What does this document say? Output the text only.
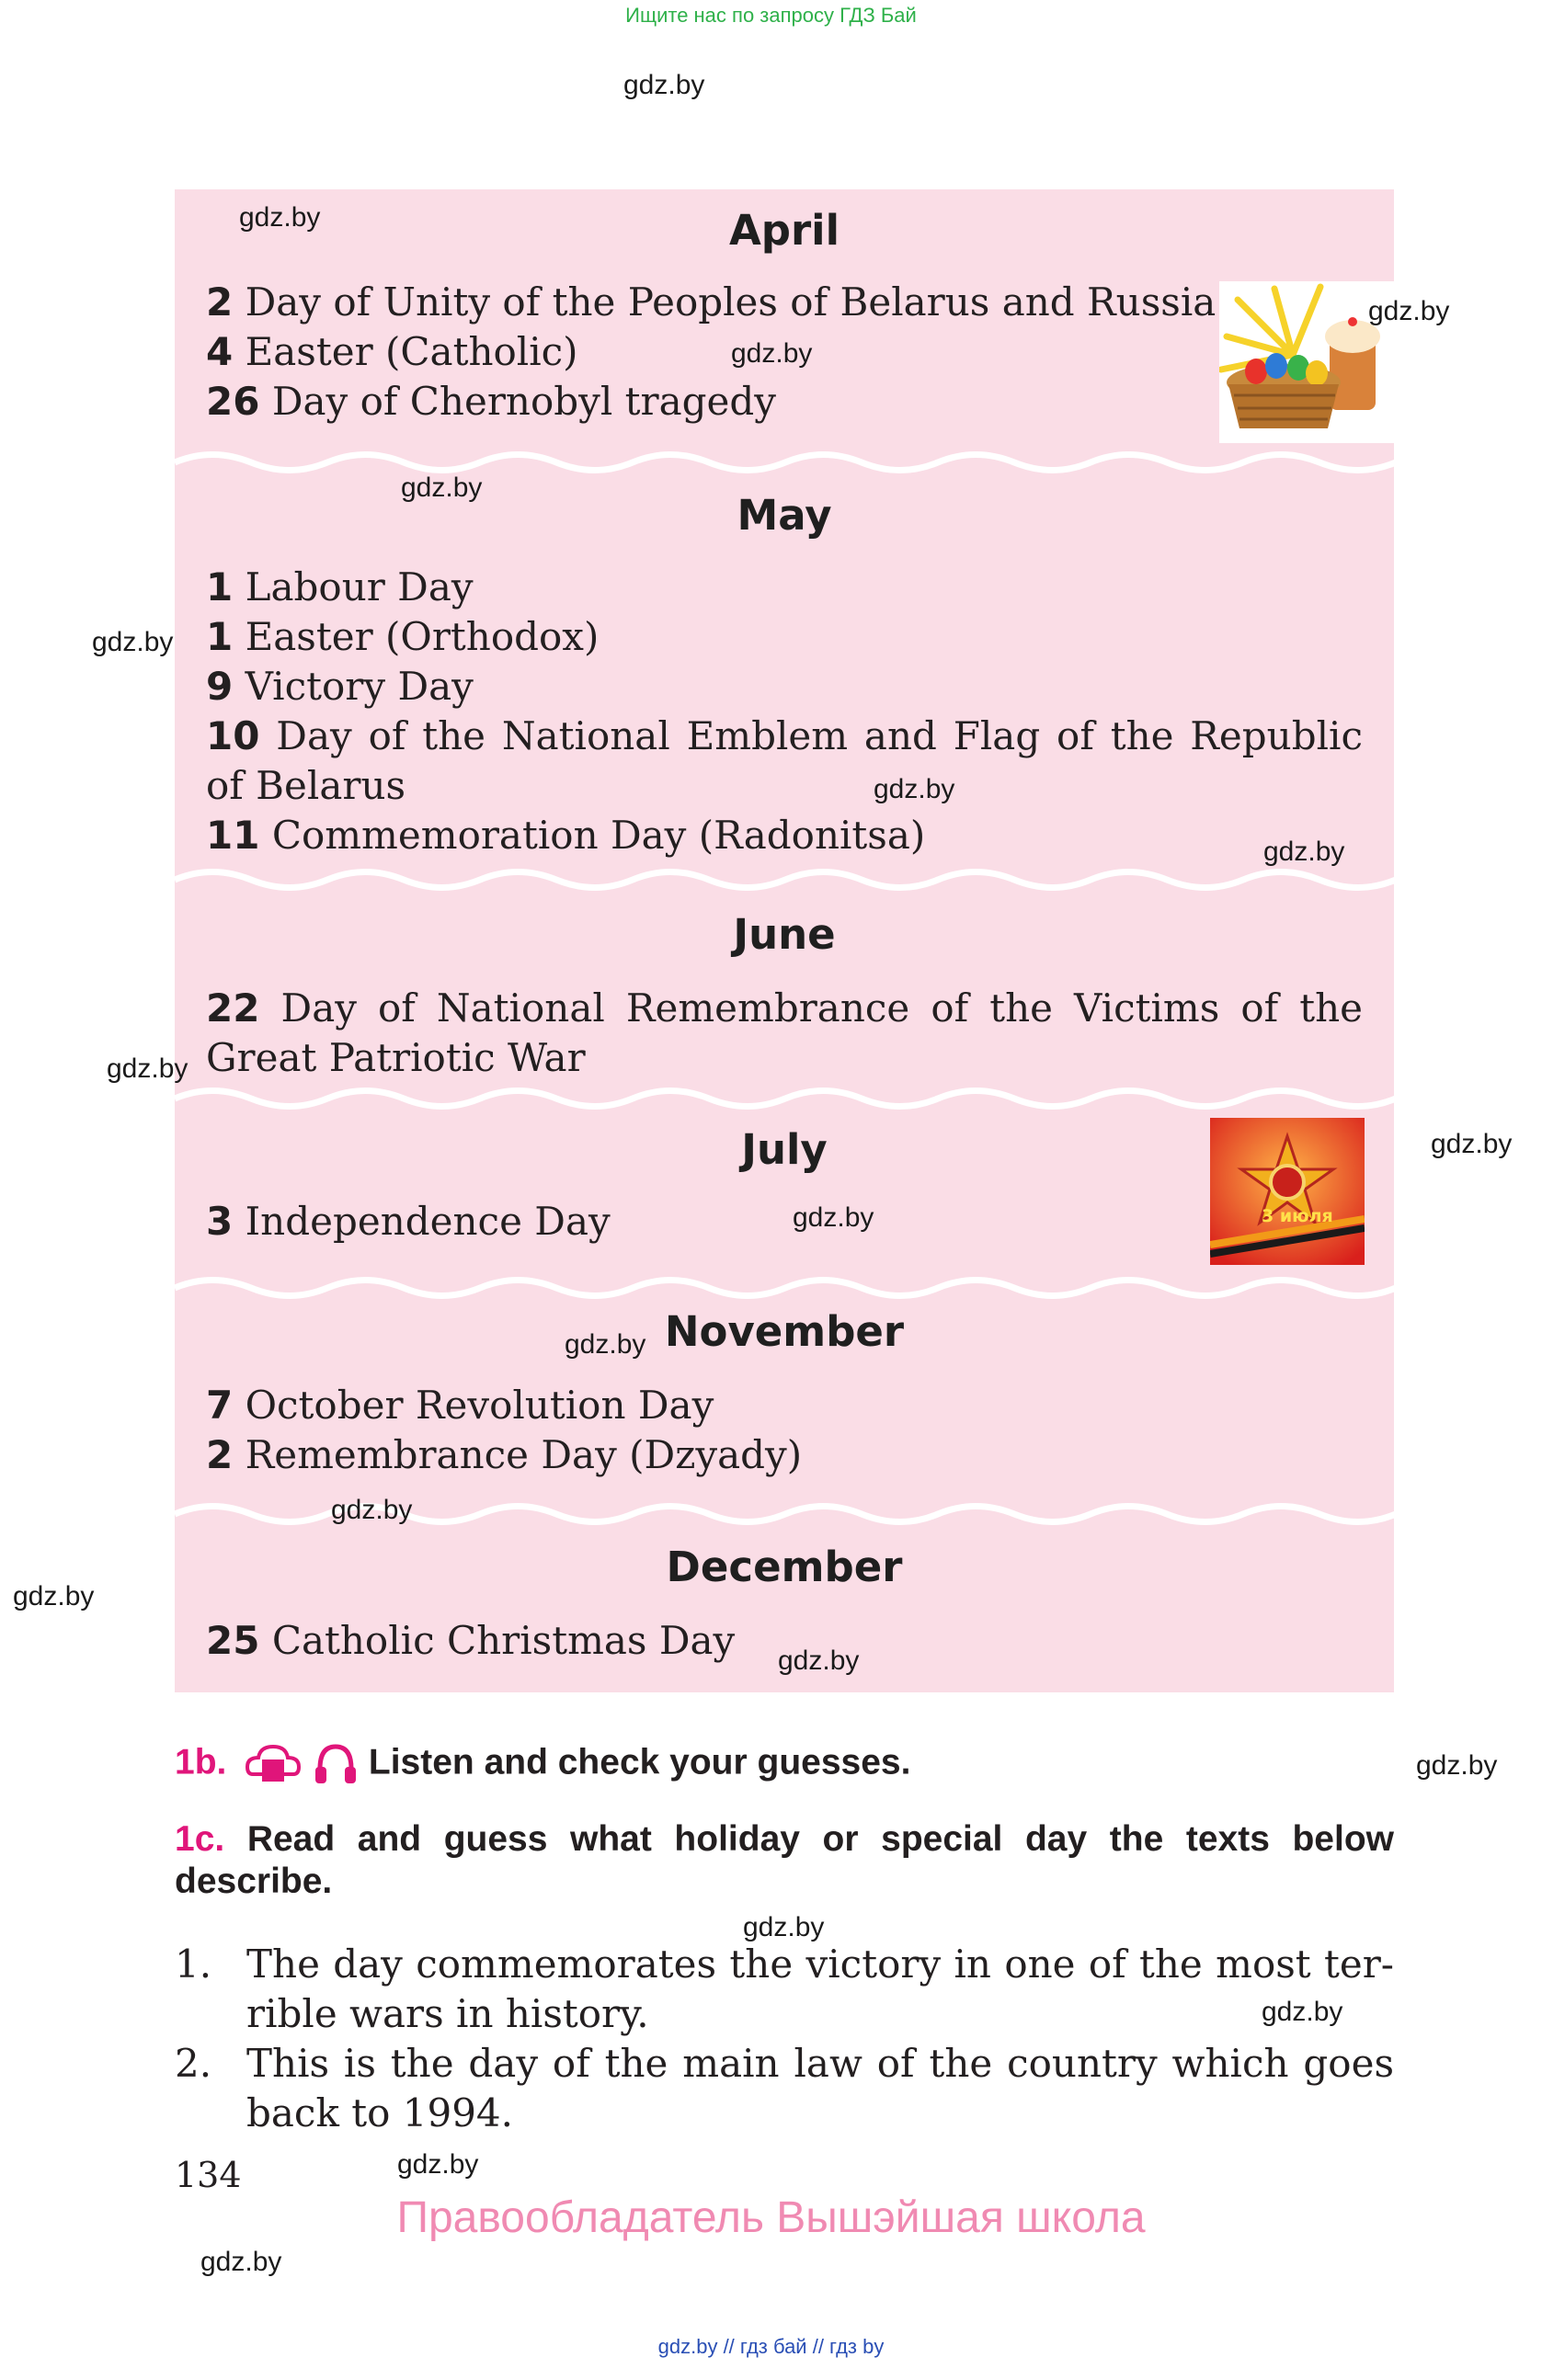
Ищите нас по запросу ГДЗ Бай
gdz.by
April
2 Day of Unity of the Peoples of Belarus and Russia
4 Easter (Catholic)
26 Day of Chernobyl tragedy
May
1 Labour Day
1 Easter (Orthodox)
9 Victory Day
10 Day of the National Emblem and Flag of the Republic of Belarus
11 Commemoration Day (Radonitsa)
June
22 Day of National Remembrance of the Victims of the Great Patriotic War
July
3 Independence Day	3 июля
November
7 October Revolution Day
2 Remembrance Day (Dzyady)
December
25 Catholic Christmas Day
1b.	Listen and check your guesses.
1c. Read and guess what holiday or special day the texts below describe.
1. The day commemorates the victory in one of the most ter-rible wars in history.
2. This is the day of the main law of the country which goes back to 1994.
134
Правообладатель Вышэйшая школа
gdz.by // гдз бай // гдз by
gdz.by
gdz.by
gdz.by
gdz.by
gdz.by
gdz.by
gdz.by
gdz.by
gdz.by
gdz.by
gdz.by
gdz.by
gdz.by
gdz.by
gdz.by
gdz.by
gdz.by
gdz.by
gdz.by
